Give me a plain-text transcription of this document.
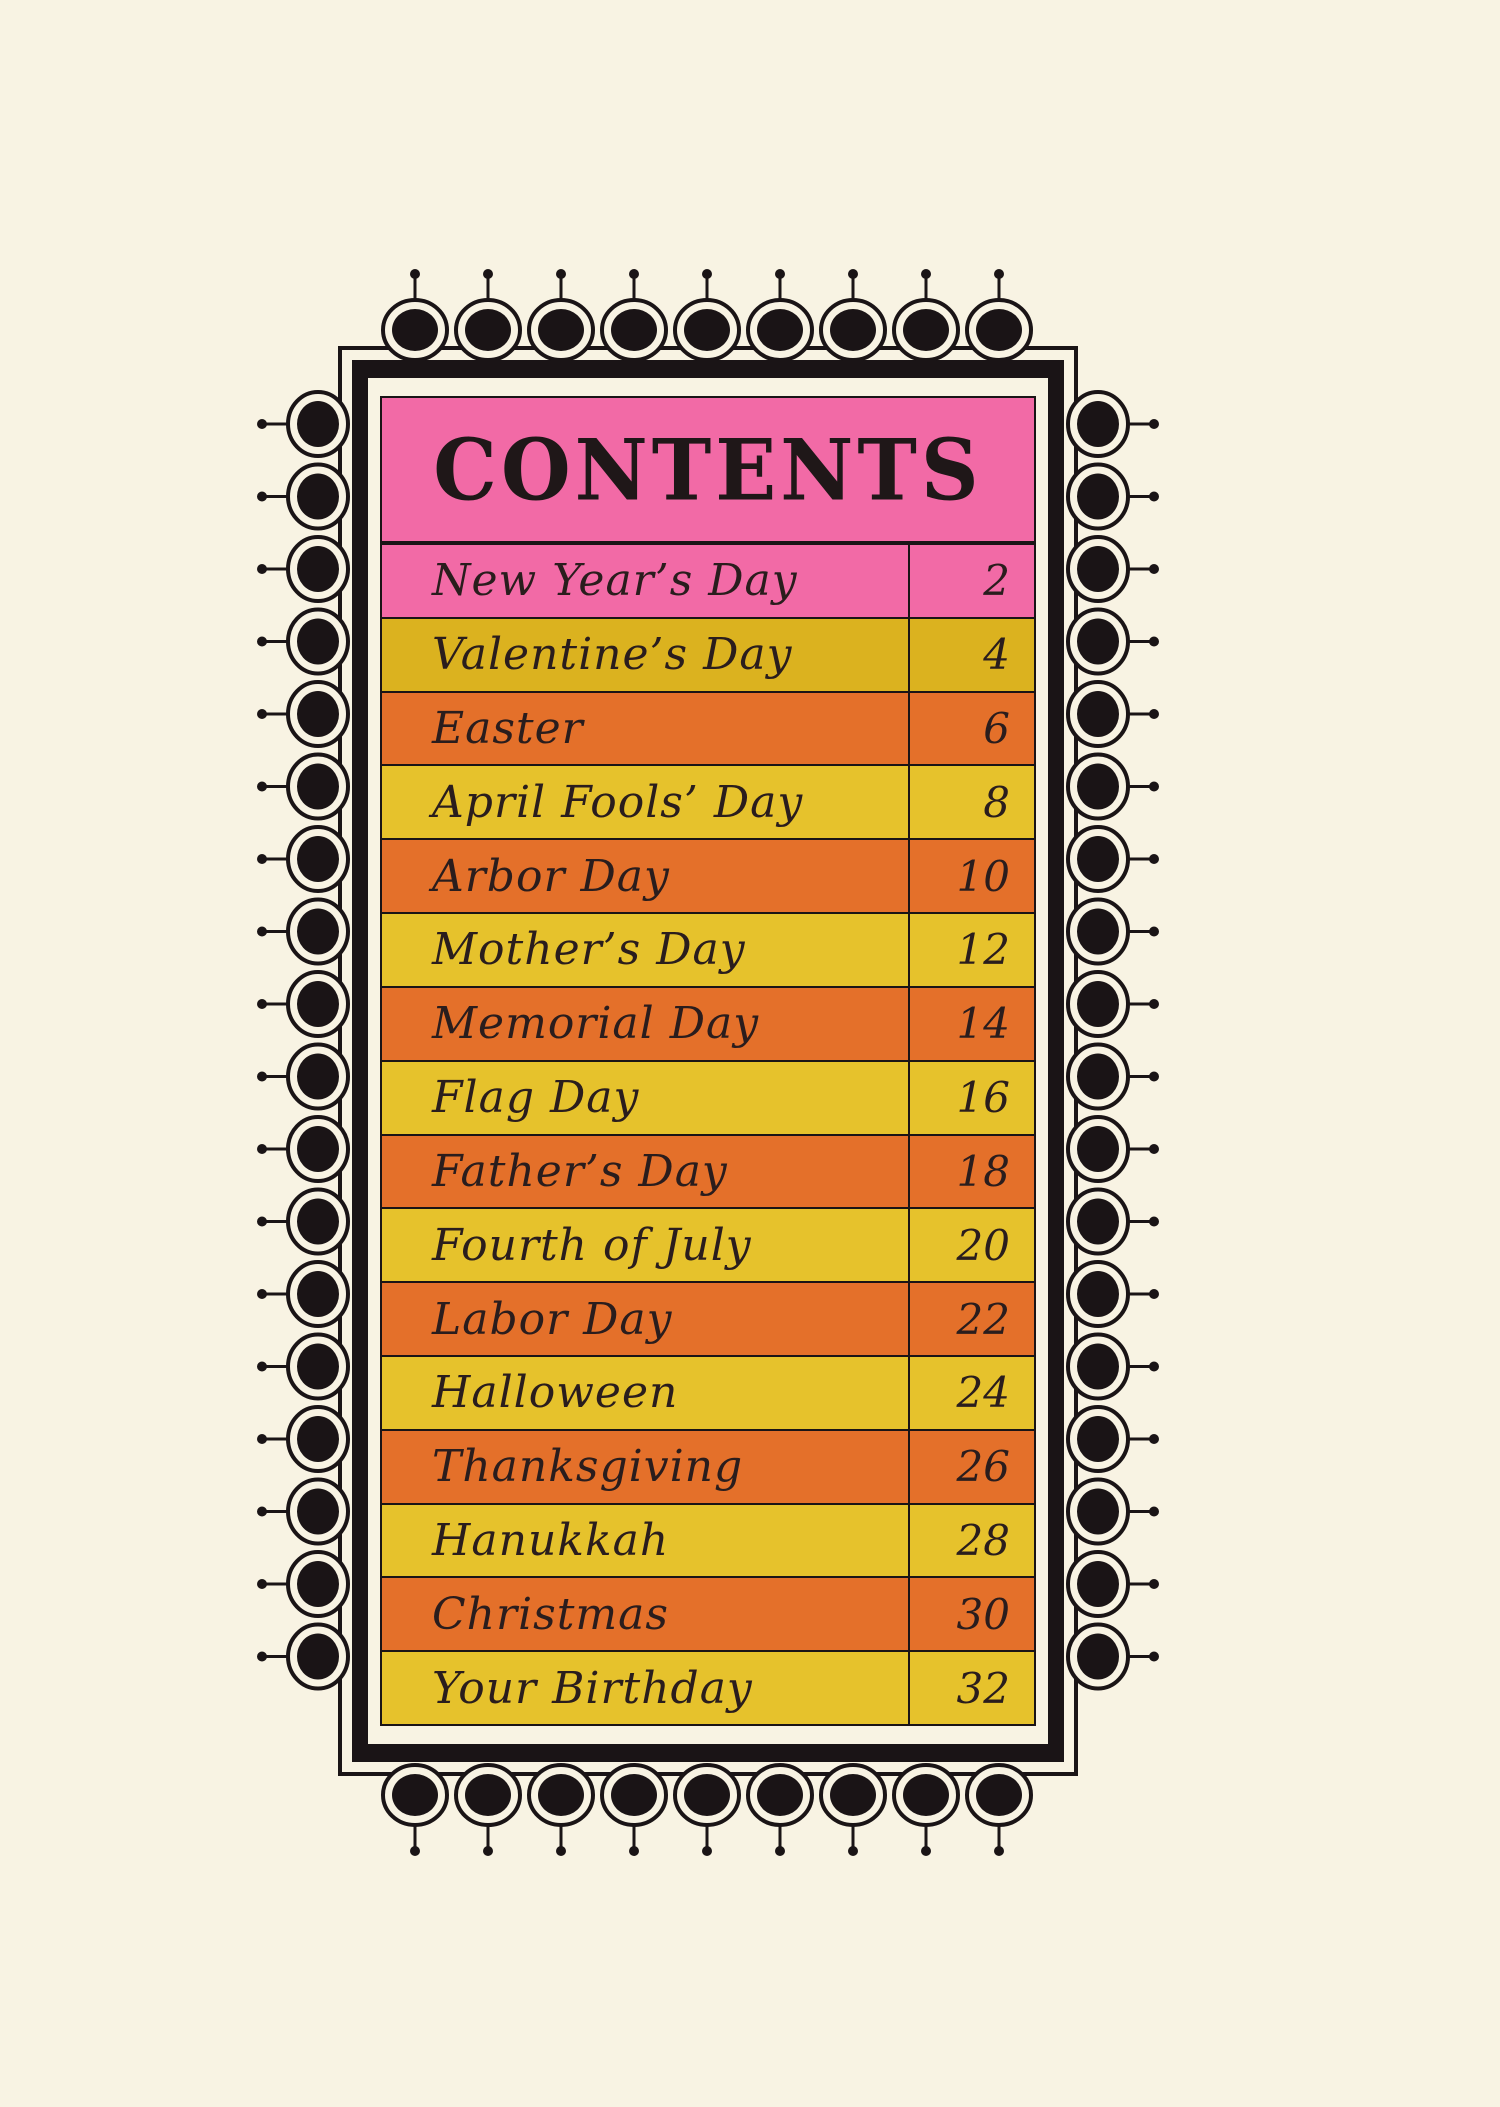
CONTENTS
New Year’s Day	2
Valentine’s Day	4
Easter	6
April Fools’ Day	8
Arbor Day	10
Mother’s Day	12
Memorial Day	14
Flag Day	16
Father’s Day	18
Fourth of July	20
Labor Day	22
Halloween	24
Thanksgiving	26
Hanukkah	28
Christmas	30
Your Birthday	32
